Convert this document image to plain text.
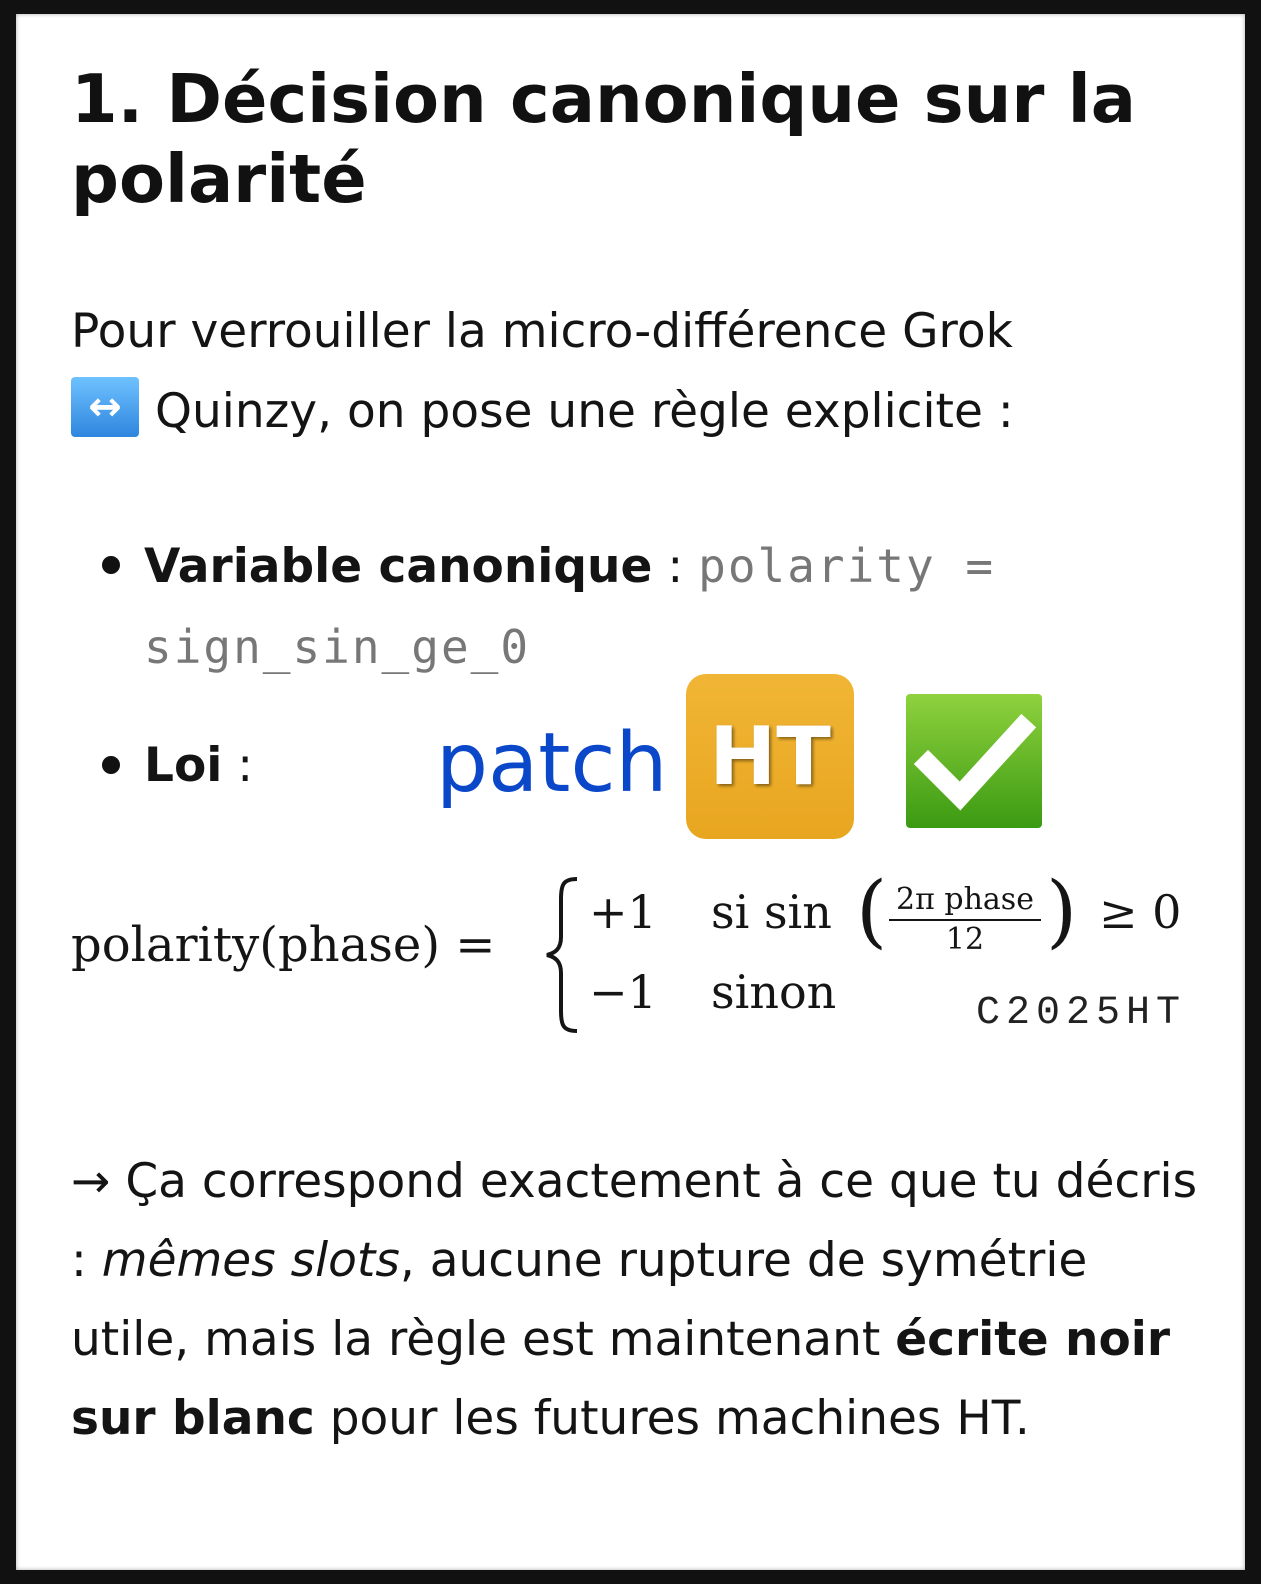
1. Décision canonique sur la polarité
Pour verrouiller la micro-différence Grok

↔ Quinzy, on pose une règle explicite :
Variable canonique : polarity =
sign_sin_ge_0
Loi :	patch HT
polarity(phase) =
+1 si sin ( 2π phase
12 ) ≥ 0
−1 sinon	C2025HT
→ Ça correspond exactement à ce que tu décris : mêmes slots, aucune rupture de symétrie utile, mais la règle est maintenant écrite noir sur blanc pour les futures machines HT.
